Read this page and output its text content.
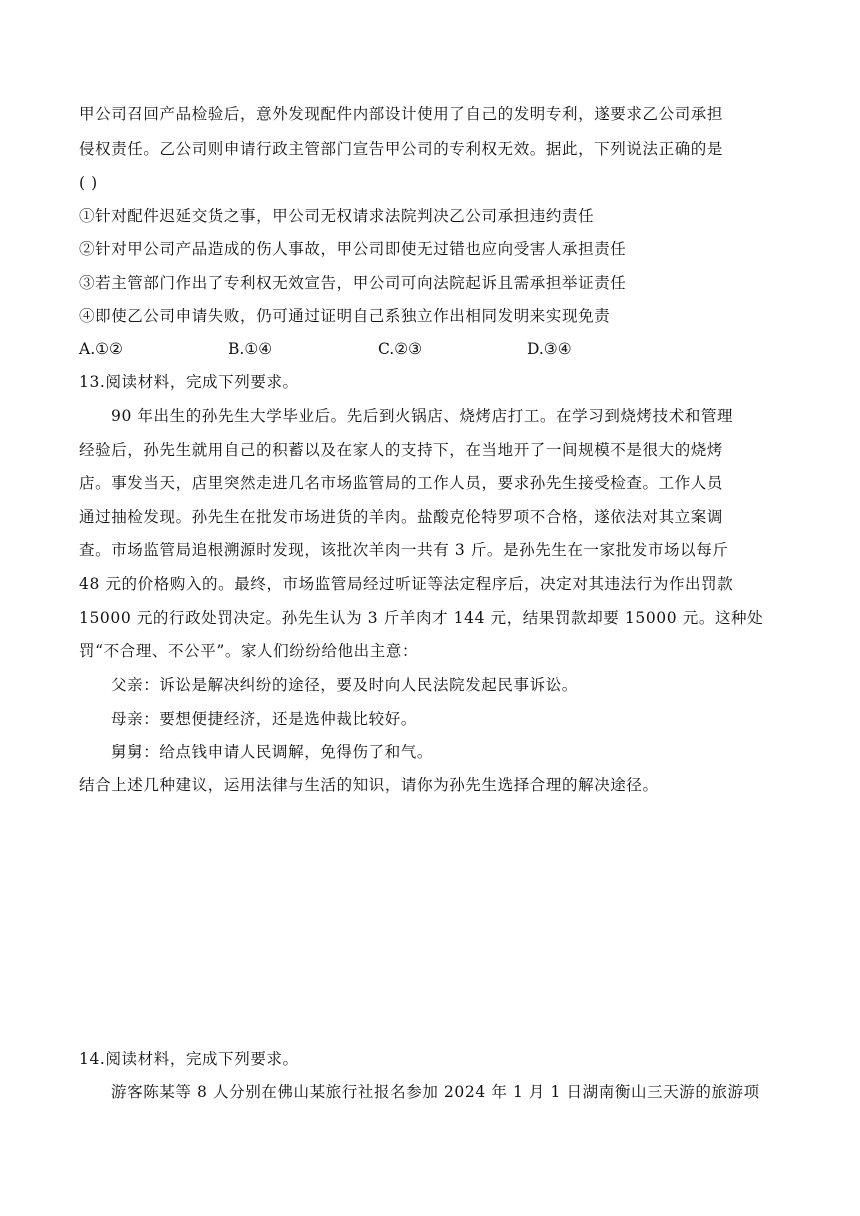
甲公司召回产品检验后，意外发现配件内部设计使用了自己的发明专利，遂要求乙公司承担
侵权责任。乙公司则申请行政主管部门宣告甲公司的专利权无效。据此，下列说法正确的是
( )
①针对配件迟延交货之事，甲公司无权请求法院判决乙公司承担违约责任
②针对甲公司产品造成的伤人事故，甲公司即使无过错也应向受害人承担责任
③若主管部门作出了专利权无效宣告，甲公司可向法院起诉且需承担举证责任
④即使乙公司申请失败，仍可通过证明自己系独立作出相同发明来实现免责
A.①②	B.①④	C.②③	D.③④
13.阅读材料，完成下列要求。
90 年出生的孙先生大学毕业后。先后到火锅店、烧烤店打工。在学习到烧烤技术和管理
经验后，孙先生就用自己的积蓄以及在家人的支持下，在当地开了一间规模不是很大的烧烤
店。事发当天，店里突然走进几名市场监管局的工作人员，要求孙先生接受检查。工作人员
通过抽检发现。孙先生在批发市场进货的羊肉。盐酸克伦特罗项不合格，遂依法对其立案调
查。市场监管局追根溯源时发现，该批次羊肉一共有 3 斤。是孙先生在一家批发市场以每斤
48 元的价格购入的。最终，市场监管局经过听证等法定程序后，决定对其违法行为作出罚款
15000 元的行政处罚决定。孙先生认为 3 斤羊肉才 144 元，结果罚款却要 15000 元。这种处
罚“不合理、不公平”。家人们纷纷给他出主意：
父亲：诉讼是解决纠纷的途径，要及时向人民法院发起民事诉讼。
母亲：要想便捷经济，还是选仲裁比较好。
舅舅：给点钱申请人民调解，免得伤了和气。
结合上述几种建议，运用法律与生活的知识，请你为孙先生选择合理的解决途径。
14.阅读材料，完成下列要求。
游客陈某等 8 人分别在佛山某旅行社报名参加 2024 年 1 月 1 日湖南衡山三天游的旅游项
